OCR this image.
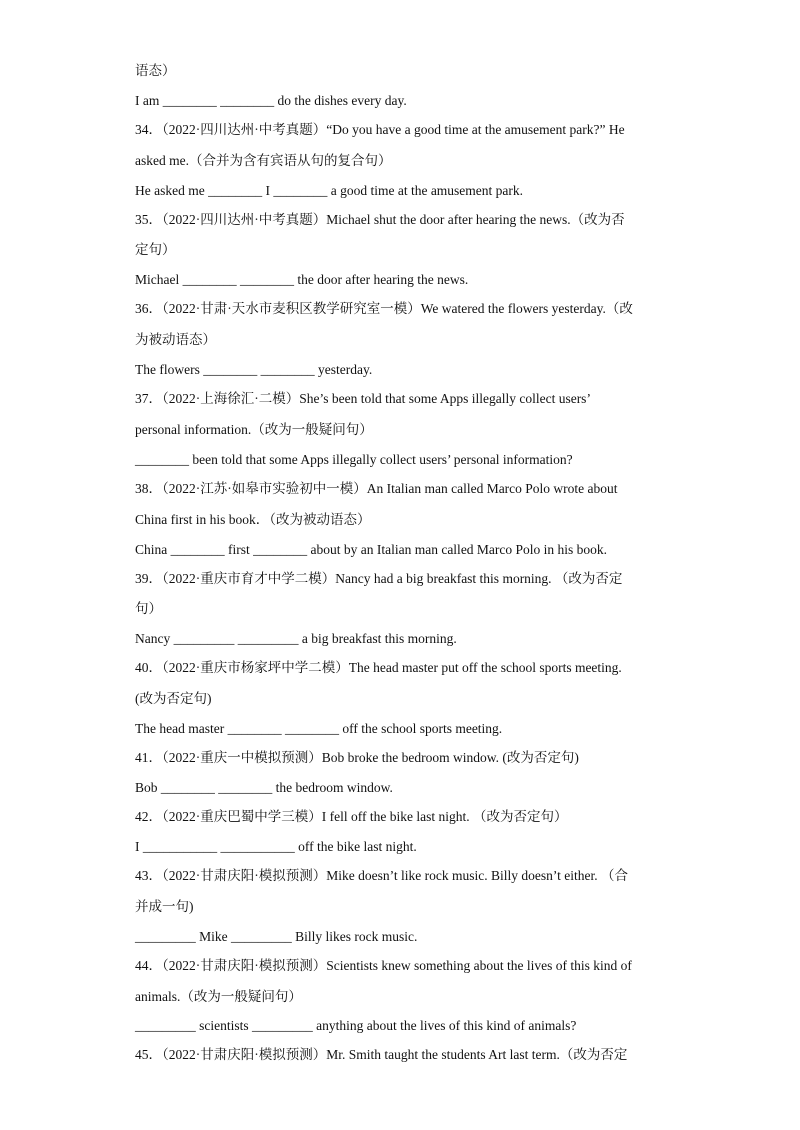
语态）
I am ________ ________ do the dishes every day.
34．（2022·四川达州·中考真题）“Do you have a good time at the amusement park?” He
asked me.（合并为含有宾语从句的复合句）
He asked me ________ I ________ a good time at the amusement park.
35．（2022·四川达州·中考真题）Michael shut the door after hearing the news.（改为否
定句）
Michael ________ ________ the door after hearing the news.
36．（2022·甘肃·天水市麦积区教学研究室一模）We watered the flowers yesterday.（改
为被动语态）
The flowers ________ ________ yesterday.
37．（2022·上海徐汇·二模）She’s been told that some Apps illegally collect users’
personal information.（改为一般疑问句）
________ been told that some Apps illegally collect users’ personal information?
38．（2022·江苏·如皋市实验初中一模）An Italian man called Marco Polo wrote about
China first in his book．（改为被动语态）
China ________ first ________ about by an Italian man called Marco Polo in his book.
39．（2022·重庆市育才中学二模）Nancy had a big breakfast this morning. （改为否定
句）
Nancy _________ _________ a big breakfast this morning.
40．（2022·重庆市杨家坪中学二模）The head master put off the school sports meeting.
(改为否定句)
The head master ________ ________ off the school sports meeting.
41．（2022·重庆一中模拟预测）Bob broke the bedroom window. (改为否定句)
Bob ________ ________ the bedroom window.
42．（2022·重庆巴蜀中学三模）I fell off the bike last night. （改为否定句）
I ___________ ___________ off the bike last night.
43．（2022·甘肃庆阳·模拟预测）Mike doesn’t like rock music. Billy doesn’t either. （合
并成一句)
_________ Mike _________ Billy likes rock music.
44．（2022·甘肃庆阳·模拟预测）Scientists knew something about the lives of this kind of
animals.（改为一般疑问句）
_________ scientists _________ anything about the lives of this kind of animals?
45．（2022·甘肃庆阳·模拟预测）Mr. Smith taught the students Art last term.（改为否定
